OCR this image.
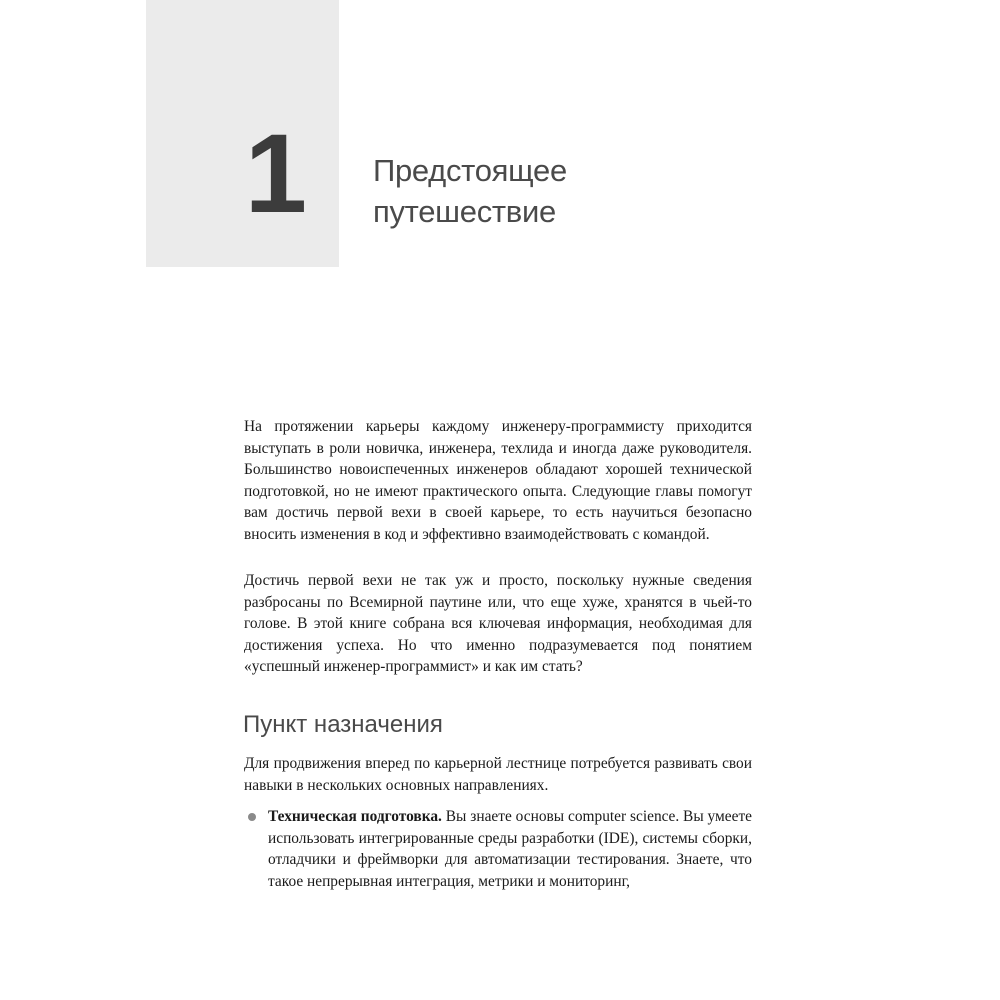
1 Предстоящее
путешествие

На протяжении карьеры каждому инженеру-программисту приходится выступать в роли новичка, инженера, техлида и иногда даже руководителя. Большинство новоиспеченных инженеров обладают хорошей технической подготовкой, но не имеют практического опыта. Следующие главы помогут вам достичь первой вехи в своей карьере, то есть научиться безопасно вносить изменения в код и эффективно взаимодействовать с командой.

Достичь первой вехи не так уж и просто, поскольку нужные сведения разбросаны по Всемирной паутине или, что еще хуже, хранятся в чьей-то голове. В этой книге собрана вся ключевая информация, необходимая для достижения успеха. Но что именно подразумевается под понятием «успешный инженер-программист» и как им стать?

Пункт назначения

Для продвижения вперед по карьерной лестнице потребуется развивать свои навыки в нескольких основных направлениях.

Техническая подготовка. Вы знаете основы computer science. Вы умеете использовать интегрированные среды разработки (IDE), системы сборки, отладчики и фреймворки для автоматизации тестирования. Знаете, что такое непрерывная интеграция, метрики и мониторинг,
